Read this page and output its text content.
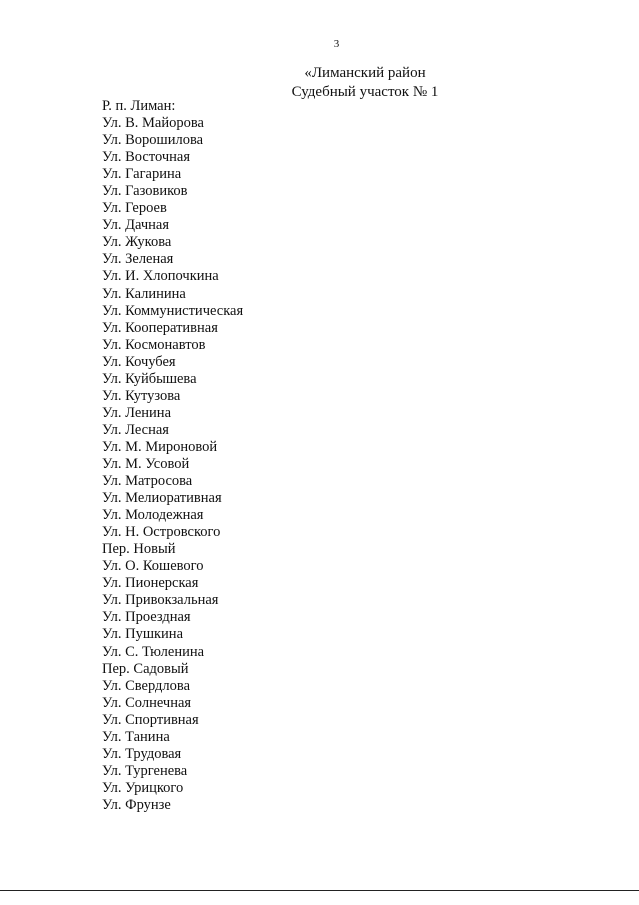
3
«Лиманский район
Судебный участок № 1
Р. п. Лиман:
Ул. В. Майорова
Ул. Ворошилова
Ул. Восточная
Ул. Гагарина
Ул. Газовиков
Ул. Героев
Ул. Дачная
Ул. Жукова
Ул. Зеленая
Ул. И. Хлопочкина
Ул. Калинина
Ул. Коммунистическая
Ул. Кооперативная
Ул. Космонавтов
Ул. Кочубея
Ул. Куйбышева
Ул. Кутузова
Ул. Ленина
Ул. Лесная
Ул. М. Мироновой
Ул. М. Усовой
Ул. Матросова
Ул. Мелиоративная
Ул. Молодежная
Ул. Н. Островского
Пер. Новый
Ул. О. Кошевого
Ул. Пионерская
Ул. Привокзальная
Ул. Проездная
Ул. Пушкина
Ул. С. Тюленина
Пер. Садовый
Ул. Свердлова
Ул. Солнечная
Ул. Спортивная
Ул. Танина
Ул. Трудовая
Ул. Тургенева
Ул. Урицкого
Ул. Фрунзе
